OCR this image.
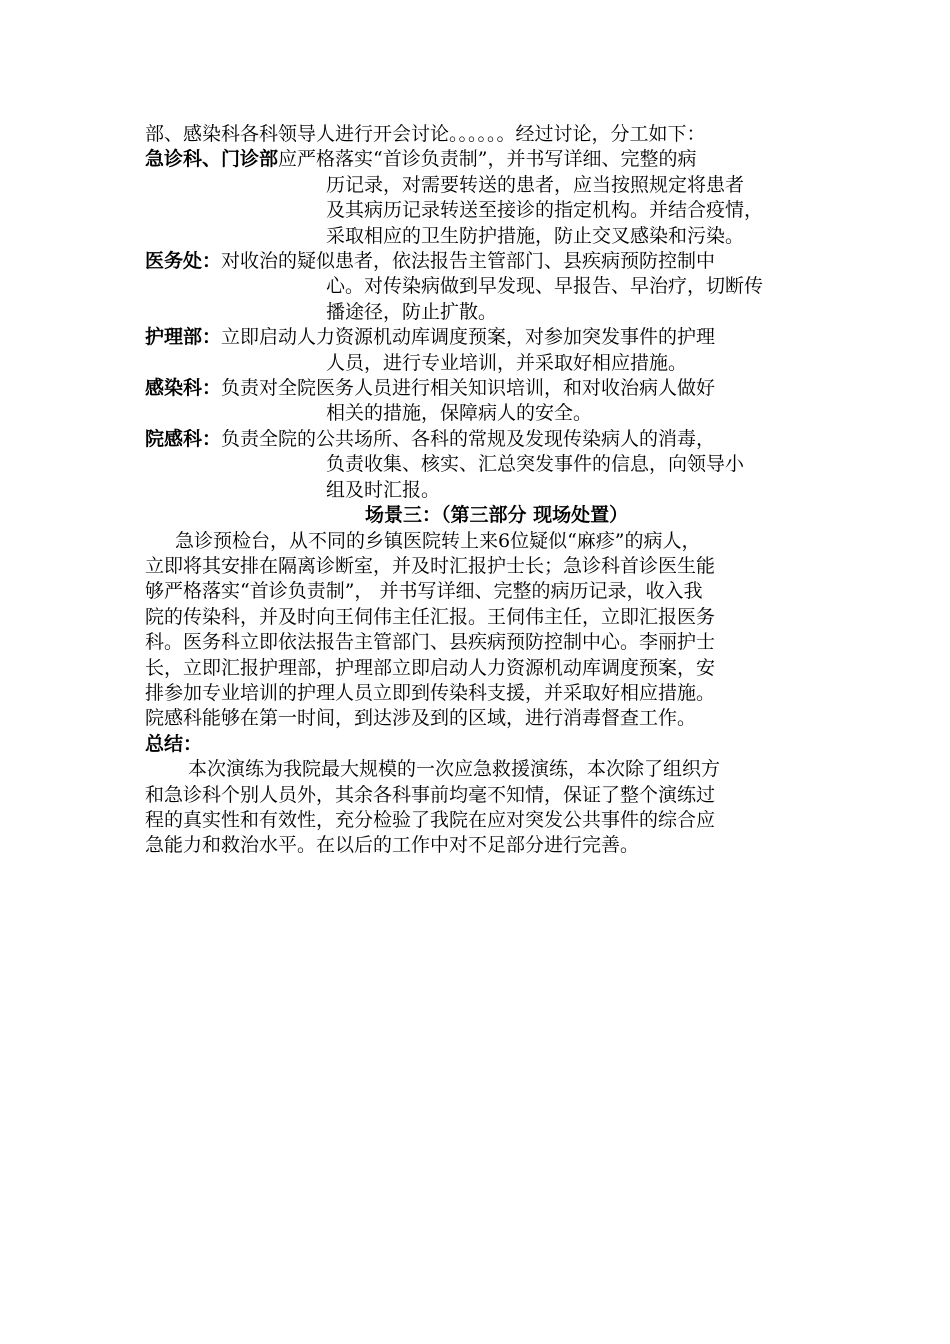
部、感染科各科领导人进行开会讨论。。。。。。经过讨论，分工如下：
急诊科、门诊部应严格落实“首诊负责制”，并书写详细、完整的病
历记录，对需要转送的患者，应当按照规定将患者
及其病历记录转送至接诊的指定机构。并结合疫情，
采取相应的卫生防护措施，防止交叉感染和污染。
医务处：对收治的疑似患者，依法报告主管部门、县疾病预防控制中
心。对传染病做到早发现、早报告、早治疗，切断传
播途径，防止扩散。
护理部：立即启动人力资源机动库调度预案，对参加突发事件的护理
人员，进行专业培训，并采取好相应措施。
感染科：负责对全院医务人员进行相关知识培训，和对收治病人做好
相关的措施，保障病人的安全。
院感科：负责全院的公共场所、各科的常规及发现传染病人的消毒，
负责收集、核实、汇总突发事件的信息，向领导小
组及时汇报。
场景三：（第三部分 现场处置）
急诊预检台，从不同的乡镇医院转上来6位疑似“麻疹”的病人，
立即将其安排在隔离诊断室，并及时汇报护士长；急诊科首诊医生能
够严格落实“首诊负责制”， 并书写详细、完整的病历记录，收入我
院的传染科，并及时向王伺伟主任汇报。王伺伟主任，立即汇报医务
科。医务科立即依法报告主管部门、县疾病预防控制中心。李丽护士
长，立即汇报护理部，护理部立即启动人力资源机动库调度预案，安
排参加专业培训的护理人员立即到传染科支援，并采取好相应措施。
院感科能够在第一时间，到达涉及到的区域，进行消毒督查工作。
总结：
本次演练为我院最大规模的一次应急救援演练，本次除了组织方
和急诊科个别人员外，其余各科事前均毫不知情，保证了整个演练过
程的真实性和有效性，充分检验了我院在应对突发公共事件的综合应
急能力和救治水平。在以后的工作中对不足部分进行完善。
